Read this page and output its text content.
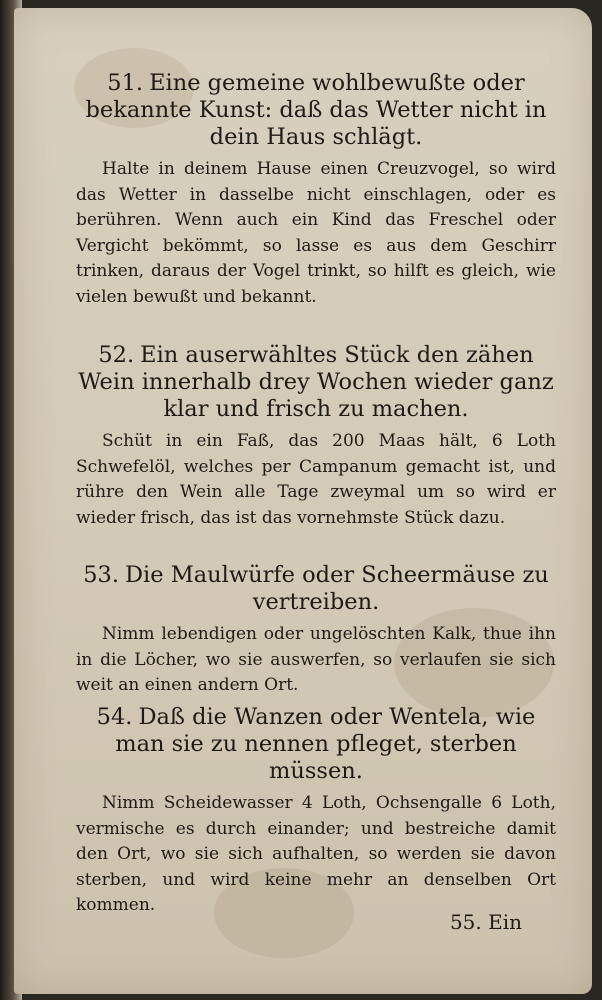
51. Eine gemeine wohlbewußte oder bekannte Kunst: daß das Wetter nicht in dein Haus schlägt.

Halte in deinem Hause einen Creuzvogel, so wird das Wetter in dasselbe nicht einschlagen, oder es berühren. Wenn auch ein Kind das Freschel oder Vergicht bekömmt, so lasse es aus dem Geschirr trinken, daraus der Vogel trinkt, so hilft es gleich, wie vielen bewußt und bekannt.

52. Ein auserwähltes Stück den zähen Wein innerhalb drey Wochen wieder ganz klar und frisch zu machen.

Schüt in ein Faß, das 200 Maas hält, 6 Loth Schwefelöl, welches per Campanum gemacht ist, und rühre den Wein alle Tage zweymal um so wird er wieder frisch, das ist das vornehmste Stück dazu.

53. Die Maulwürfe oder Scheermäuse zu vertreiben.

Nimm lebendigen oder ungelöschten Kalk, thue ihn in die Löcher, wo sie auswerfen, so verlaufen sie sich weit an einen andern Ort.

54. Daß die Wanzen oder Wentela, wie man sie zu nennen pfleget, sterben müssen.

Nimm Scheidewasser 4 Loth, Ochsengalle 6 Loth, vermische es durch einander; und bestreiche damit den Ort, wo sie sich aufhalten, so werden sie davon sterben, und wird keine mehr an denselben Ort kommen.

55. Ein
